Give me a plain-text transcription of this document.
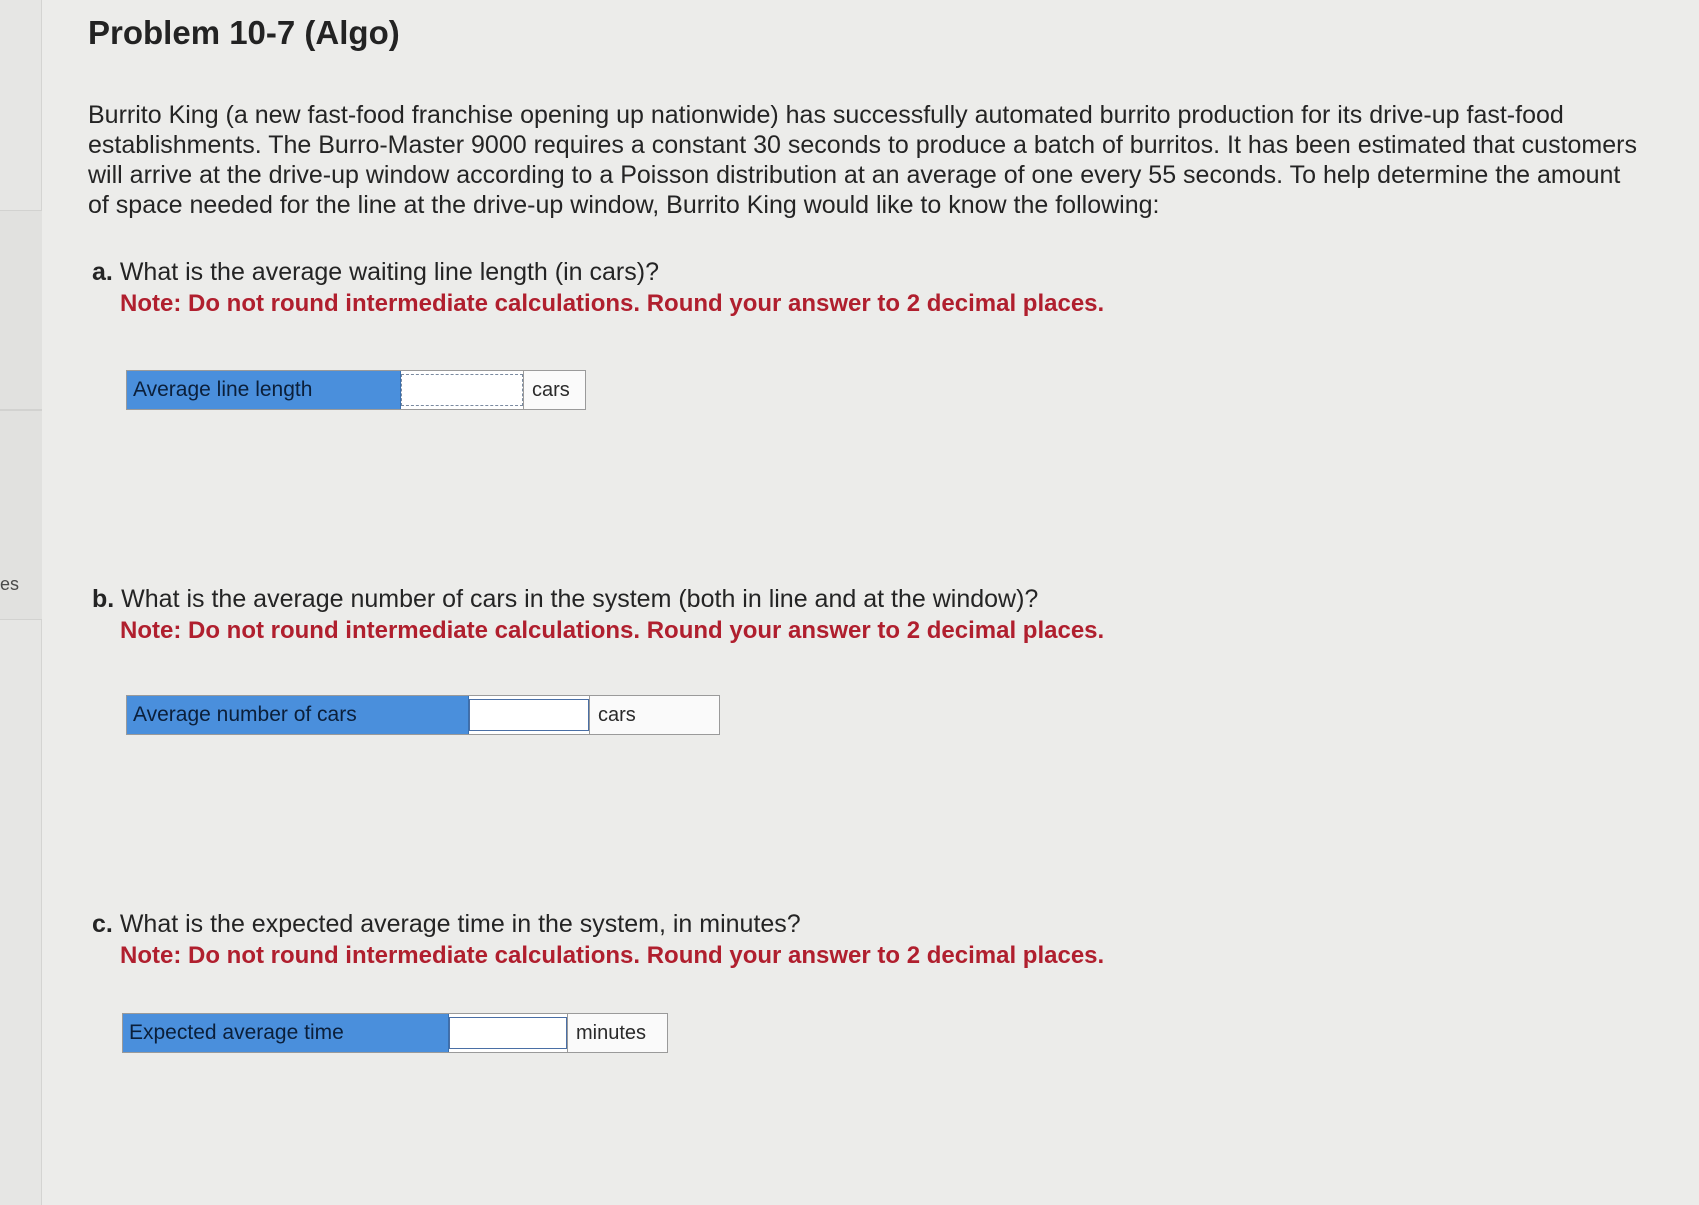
es
Problem 10-7 (Algo)

Burrito King (a new fast-food franchise opening up nationwide) has successfully automated burrito production for its drive-up fast-food establishments. The Burro-Master 9000 requires a constant 30 seconds to produce a batch of burritos. It has been estimated that customers will arrive at the drive-up window according to a Poisson distribution at an average of one every 55 seconds. To help determine the amount of space needed for the line at the drive-up window, Burrito King would like to know the following:

a. What is the average waiting line length (in cars)?
Note: Do not round intermediate calculations. Round your answer to 2 decimal places.
Average line length	cars
b. What is the average number of cars in the system (both in line and at the window)?
Note: Do not round intermediate calculations. Round your answer to 2 decimal places.
Average number of cars	cars
c. What is the expected average time in the system, in minutes?
Note: Do not round intermediate calculations. Round your answer to 2 decimal places.
Expected average time	minutes
